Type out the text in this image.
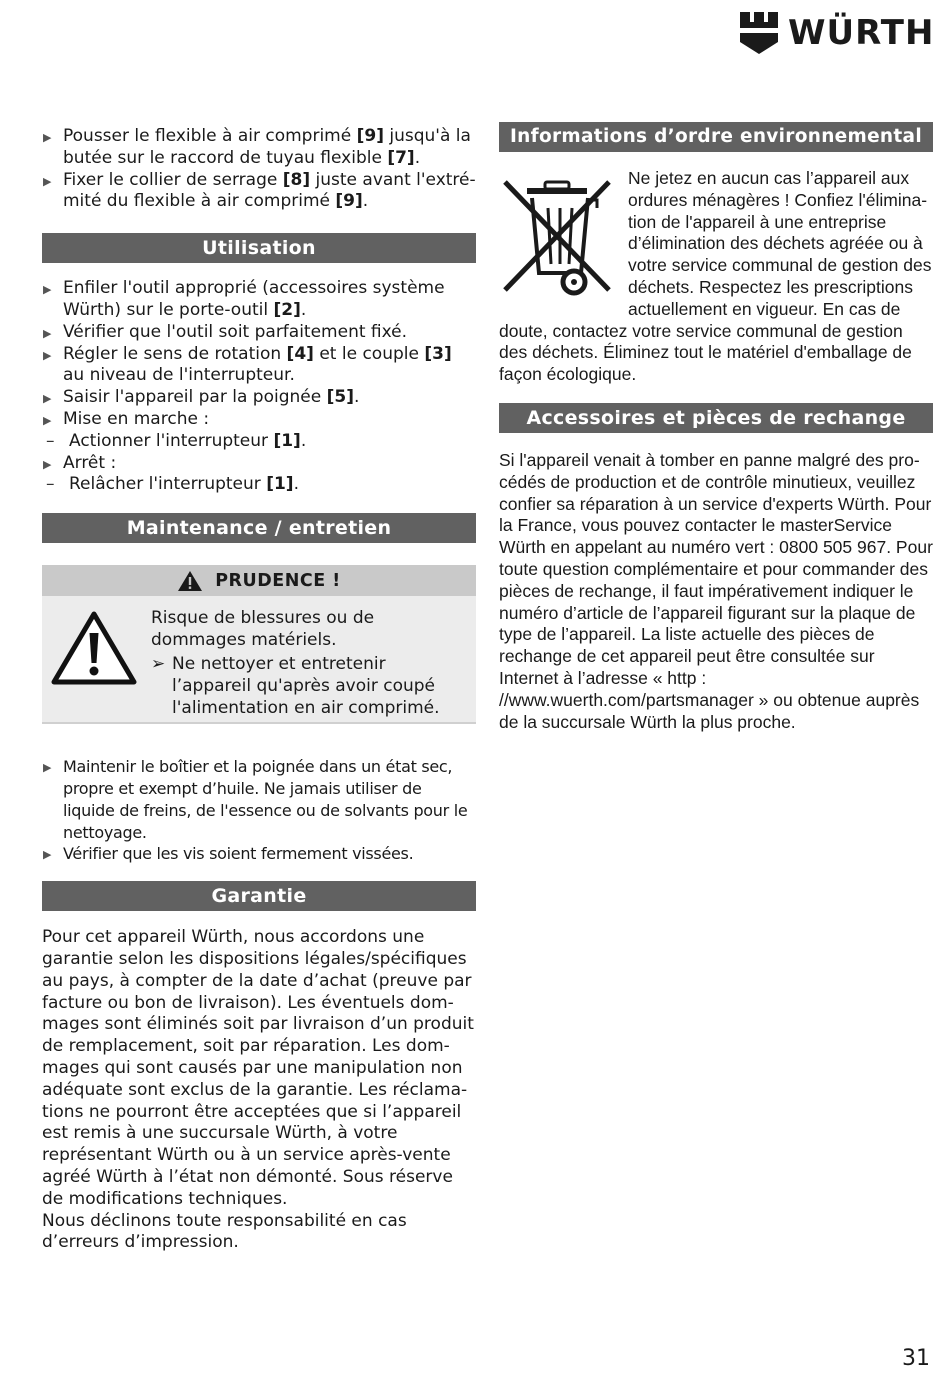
WÜRTH
▶ Pousser le flexible à air comprimé [9] jusqu'à la butée sur le raccord de tuyau flexible [7].
▶ Fixer le collier de serrage [8] juste avant l'extré-mité du flexible à air comprimé [9].
Utilisation
▶ Enfiler l'outil approprié (accessoires système Würth) sur le porte-outil [2].
▶ Vérifier que l'outil soit parfaitement fixé.
▶ Régler le sens de rotation [4] et le couple [3] au niveau de l'interrupteur.
▶ Saisir l'appareil par la poignée [5].
▶ Mise en marche :
– Actionner l'interrupteur [1].
▶ Arrêt :
– Relâcher l'interrupteur [1].
Maintenance / entretien
PRUDENCE !
Risque de blessures ou de dommages matériels.
➢ Ne nettoyer et entretenir l’appareil qu'après avoir coupé l'alimentation en air comprimé.
▶ Maintenir le boîtier et la poignée dans un état sec, propre et exempt d’huile. Ne jamais utiliser de liquide de freins, de l'essence ou de solvants pour le nettoyage.
▶ Vérifier que les vis soient fermement vissées.
Garantie
Pour cet appareil Würth, nous accordons une garantie selon les dispositions légales/spécifiques au pays, à compter de la date d’achat (preuve par facture ou bon de livraison). Les éventuels dom-mages sont éliminés soit par livraison d’un produit de remplacement, soit par réparation. Les dom-mages qui sont causés par une manipulation non adéquate sont exclus de la garantie. Les réclama-tions ne pourront être acceptées que si l’appareil est remis à une succursale Würth, à votre représentant Würth ou à un service après-vente agréé Würth à l’état non démonté. Sous réserve de modifications techniques.
Nous déclinons toute responsabilité en cas d’erreurs d’impression.
Informations d’ordre environnemental
Ne jetez en aucun cas l’appareil aux
ordures ménagères ! Confiez l'élimina-
tion de l'appareil à une entreprise
d’élimination des déchets agréée ou à
votre service communal de gestion des
déchets. Respectez les prescriptions
actuellement en vigueur. En cas de
doute, contactez votre service communal de gestion des déchets. Éliminez tout le matériel d'emballage de façon écologique.
Accessoires et pièces de rechange
Si l'appareil venait à tomber en panne malgré des pro-cédés de production et de contrôle minutieux, veuillez confier sa réparation à un service d'experts Würth. Pour la France, vous pouvez contacter le masterService Würth en appelant au numéro vert : 0800 505 967. Pour toute question complémentaire et pour commander des pièces de rechange, il faut impérativement indiquer le numéro d’article de l’appareil figurant sur la plaque de type de l’appareil. La liste actuelle des pièces de rechange de cet appareil peut être consultée sur Internet à l’adresse « http : //www.wuerth.com/partsmanager » ou obtenue auprès de la succursale Würth la plus proche.
31
